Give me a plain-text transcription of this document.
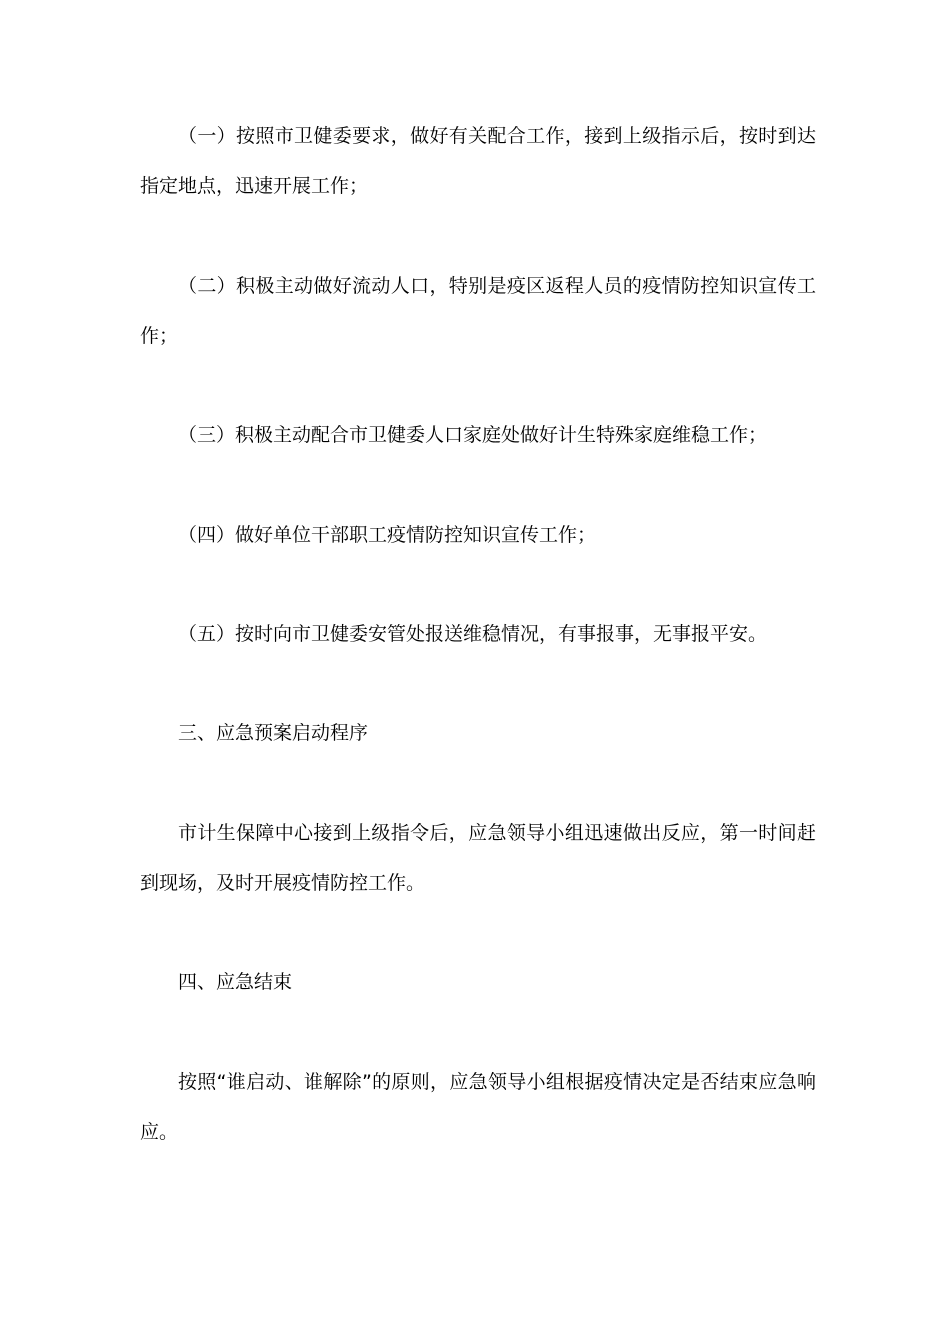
（一）按照市卫健委要求，做好有关配合工作，接到上级指示后，按时到达指定地点，迅速开展工作；

（二）积极主动做好流动人口，特别是疫区返程人员的疫情防控知识宣传工作；

（三）积极主动配合市卫健委人口家庭处做好计生特殊家庭维稳工作；

（四）做好单位干部职工疫情防控知识宣传工作；

（五）按时向市卫健委安管处报送维稳情况，有事报事，无事报平安。

三、应急预案启动程序

市计生保障中心接到上级指令后，应急领导小组迅速做出反应，第一时间赶到现场，及时开展疫情防控工作。

四、应急结束

按照“谁启动、谁解除”的原则，应急领导小组根据疫情决定是否结束应急响应。
